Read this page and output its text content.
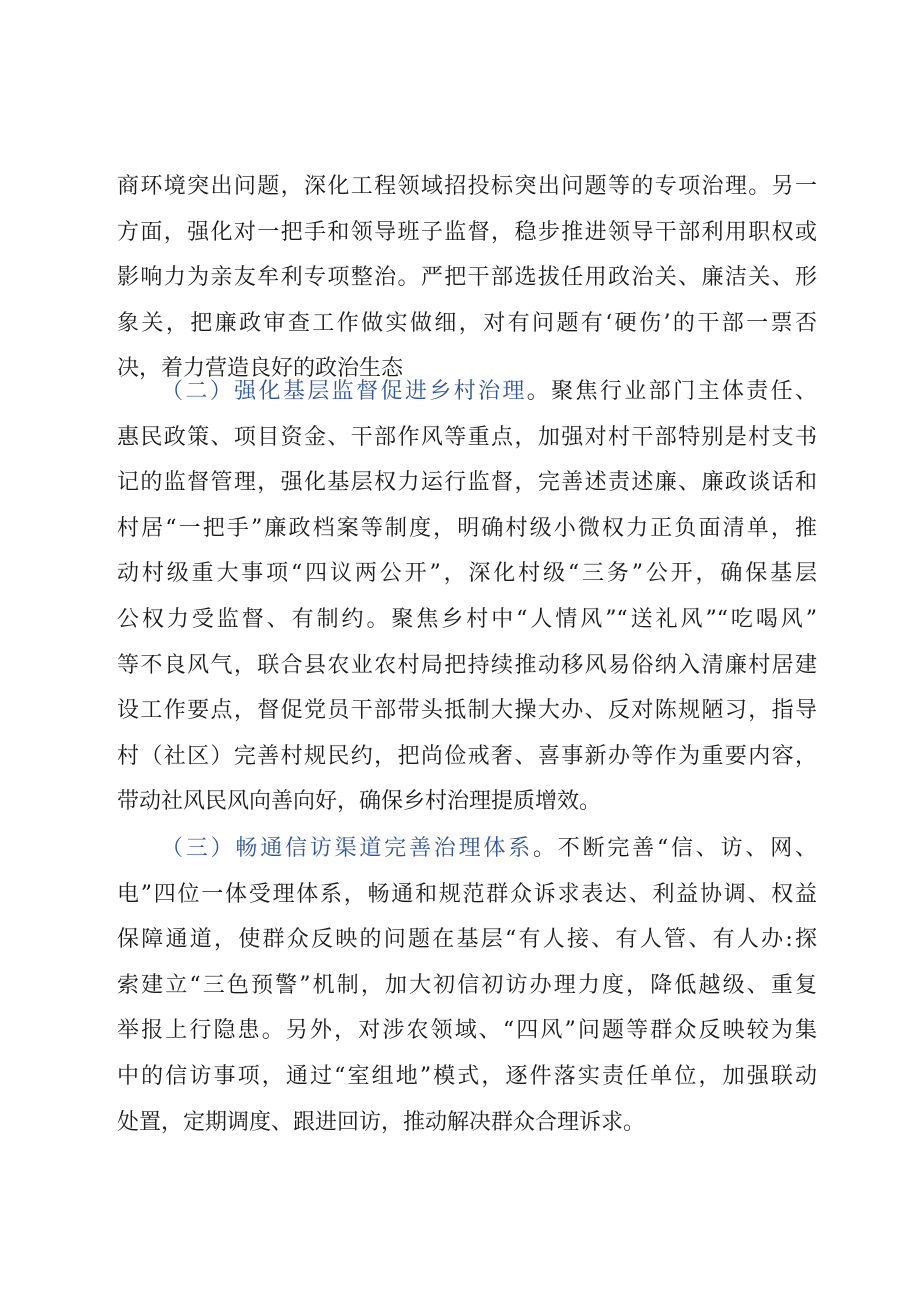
商环境突出问题，深化工程领域招投标突出问题等的专项治理。另一
方面，强化对一把手和领导班子监督，稳步推进领导干部利用职权或
影响力为亲友牟利专项整治。严把干部选拔任用政治关、廉洁关、形
象关，把廉政审查工作做实做细，对有问题有‘硬伤’的干部一票否
决，着力营造良好的政治生态
（二）强化基层监督促进乡村治理。聚焦行业部门主体责任、
惠民政策、项目资金、干部作风等重点，加强对村干部特别是村支书
记的监督管理，强化基层权力运行监督，完善述责述廉、廉政谈话和
村居“一把手”廉政档案等制度，明确村级小微权力正负面清单，推
动村级重大事项“四议两公开”，深化村级“三务”公开，确保基层
公权力受监督、有制约。聚焦乡村中“人情风”“送礼风”“吃喝风”
等不良风气，联合县农业农村局把持续推动移风易俗纳入清廉村居建
设工作要点，督促党员干部带头抵制大操大办、反对陈规陋习，指导
村（社区）完善村规民约，把尚俭戒奢、喜事新办等作为重要内容，
带动社风民风向善向好，确保乡村治理提质增效。
（三）畅通信访渠道完善治理体系。不断完善“信、访、网、
电”四位一体受理体系，畅通和规范群众诉求表达、利益协调、权益
保障通道，使群众反映的问题在基层“有人接、有人管、有人办:探
索建立“三色预警”机制，加大初信初访办理力度，降低越级、重复
举报上行隐患。另外，对涉农领域、“四风”问题等群众反映较为集
中的信访事项，通过“室组地”模式，逐件落实责任单位，加强联动
处置，定期调度、跟进回访，推动解决群众合理诉求。
